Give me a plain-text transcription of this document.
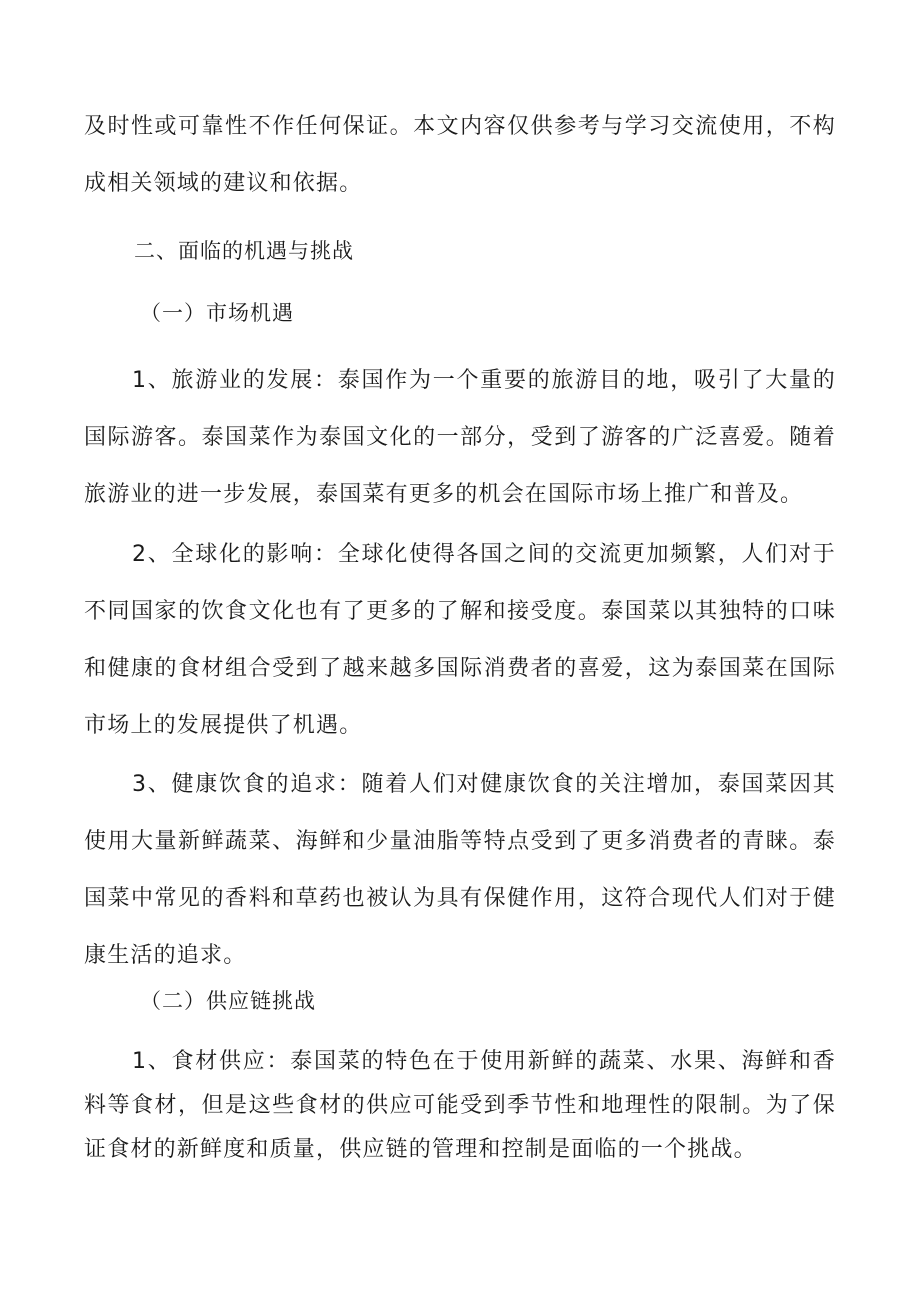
及时性或可靠性不作任何保证。本文内容仅供参考与学习交流使用，不构成相关领域的建议和依据。

二、面临的机遇与挑战
（一）市场机遇

1、旅游业的发展：泰国作为一个重要的旅游目的地，吸引了大量的国际游客。泰国菜作为泰国文化的一部分，受到了游客的广泛喜爱。随着旅游业的进一步发展，泰国菜有更多的机会在国际市场上推广和普及。

2、全球化的影响：全球化使得各国之间的交流更加频繁，人们对于不同国家的饮食文化也有了更多的了解和接受度。泰国菜以其独特的口味和健康的食材组合受到了越来越多国际消费者的喜爱，这为泰国菜在国际市场上的发展提供了机遇。

3、健康饮食的追求：随着人们对健康饮食的关注增加，泰国菜因其使用大量新鲜蔬菜、海鲜和少量油脂等特点受到了更多消费者的青睐。泰国菜中常见的香料和草药也被认为具有保健作用，这符合现代人们对于健康生活的追求。

（二）供应链挑战

1、食材供应：泰国菜的特色在于使用新鲜的蔬菜、水果、海鲜和香料等食材，但是这些食材的供应可能受到季节性和地理性的限制。为了保证食材的新鲜度和质量，供应链的管理和控制是面临的一个挑战。
